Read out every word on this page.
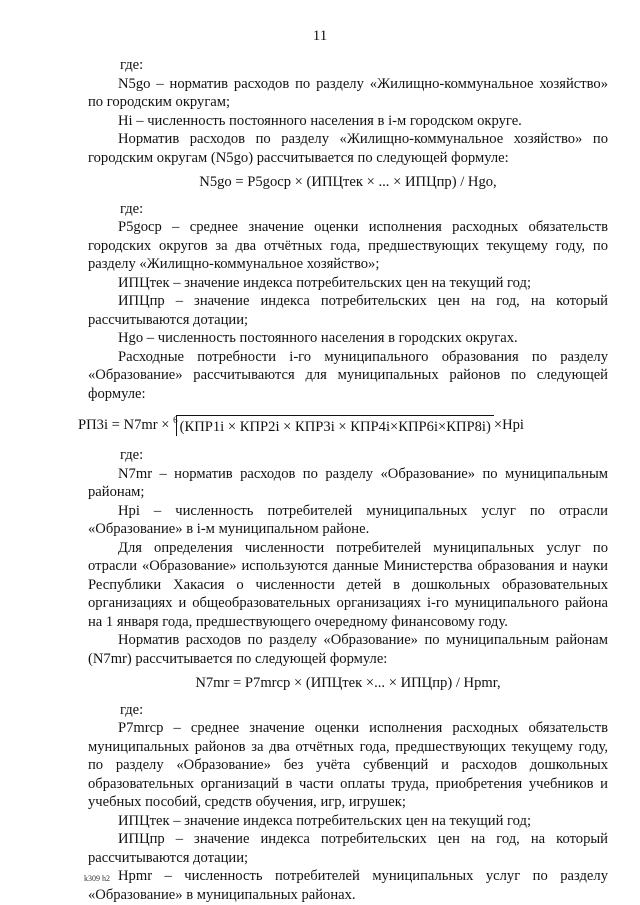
11

где:

N5go – норматив расходов по разделу «Жилищно-коммунальное хозяйство» по городским округам;

Hi – численность постоянного населения в i-м городском округе.

Норматив расходов по разделу «Жилищно-коммунальное хозяйство» по городским округам (N5go) рассчитывается по следующей формуле:

N5go = P5gocp × (ИПЦтек × ... × ИПЦпр) / Hgo,

где:

P5gocp – среднее значение оценки исполнения расходных обязательств городских округов за два отчётных года, предшествующих текущему году, по разделу «Жилищно-коммунальное хозяйство»;

ИПЦтек – значение индекса потребительских цен на текущий год;

ИПЦпр – значение индекса потребительских цен на год, на который рассчитываются дотации;

Hgo – численность постоянного населения в городских округах.

Расходные потребности i-го муниципального образования по разделу «Образование» рассчитываются для муниципальных районов по следующей формуле:

РП3i = N7mr × $^6$ (КПР1i × КПР2i × КПР3i × КПР4i×КПР6i×КПР8i) ×Hpi

где:

N7mr – норматив расходов по разделу «Образование» по муниципальным районам;

Hpi – численность потребителей муниципальных услуг по отрасли «Образование» в i-м муниципальном районе.

Для определения численности потребителей муниципальных услуг по отрасли «Образование» используются данные Министерства образования и науки Республики Хакасия о численности детей в дошкольных образовательных организациях и общеобразовательных организациях i-го муниципального района на 1 января года, предшествующего очередному финансовому году.

Норматив расходов по разделу «Образование» по муниципальным районам (N7mr) рассчитывается по следующей формуле:

N7mr = P7mrcp × (ИПЦтек ×... × ИПЦпр) / Hpmr,

где:

P7mrcp – среднее значение оценки исполнения расходных обязательств муниципальных районов за два отчётных года, предшествующих текущему году, по разделу «Образование» без учёта субвенций и расходов дошкольных образовательных организаций в части оплаты труда, приобретения учебников и учебных пособий, средств обучения, игр, игрушек;

ИПЦтек – значение индекса потребительских цен на текущий год;

ИПЦпр – значение индекса потребительских цен на год, на который рассчитываются дотации;

Hpmr – численность потребителей муниципальных услуг по разделу «Образование» в муниципальных районах.

k309 h2
